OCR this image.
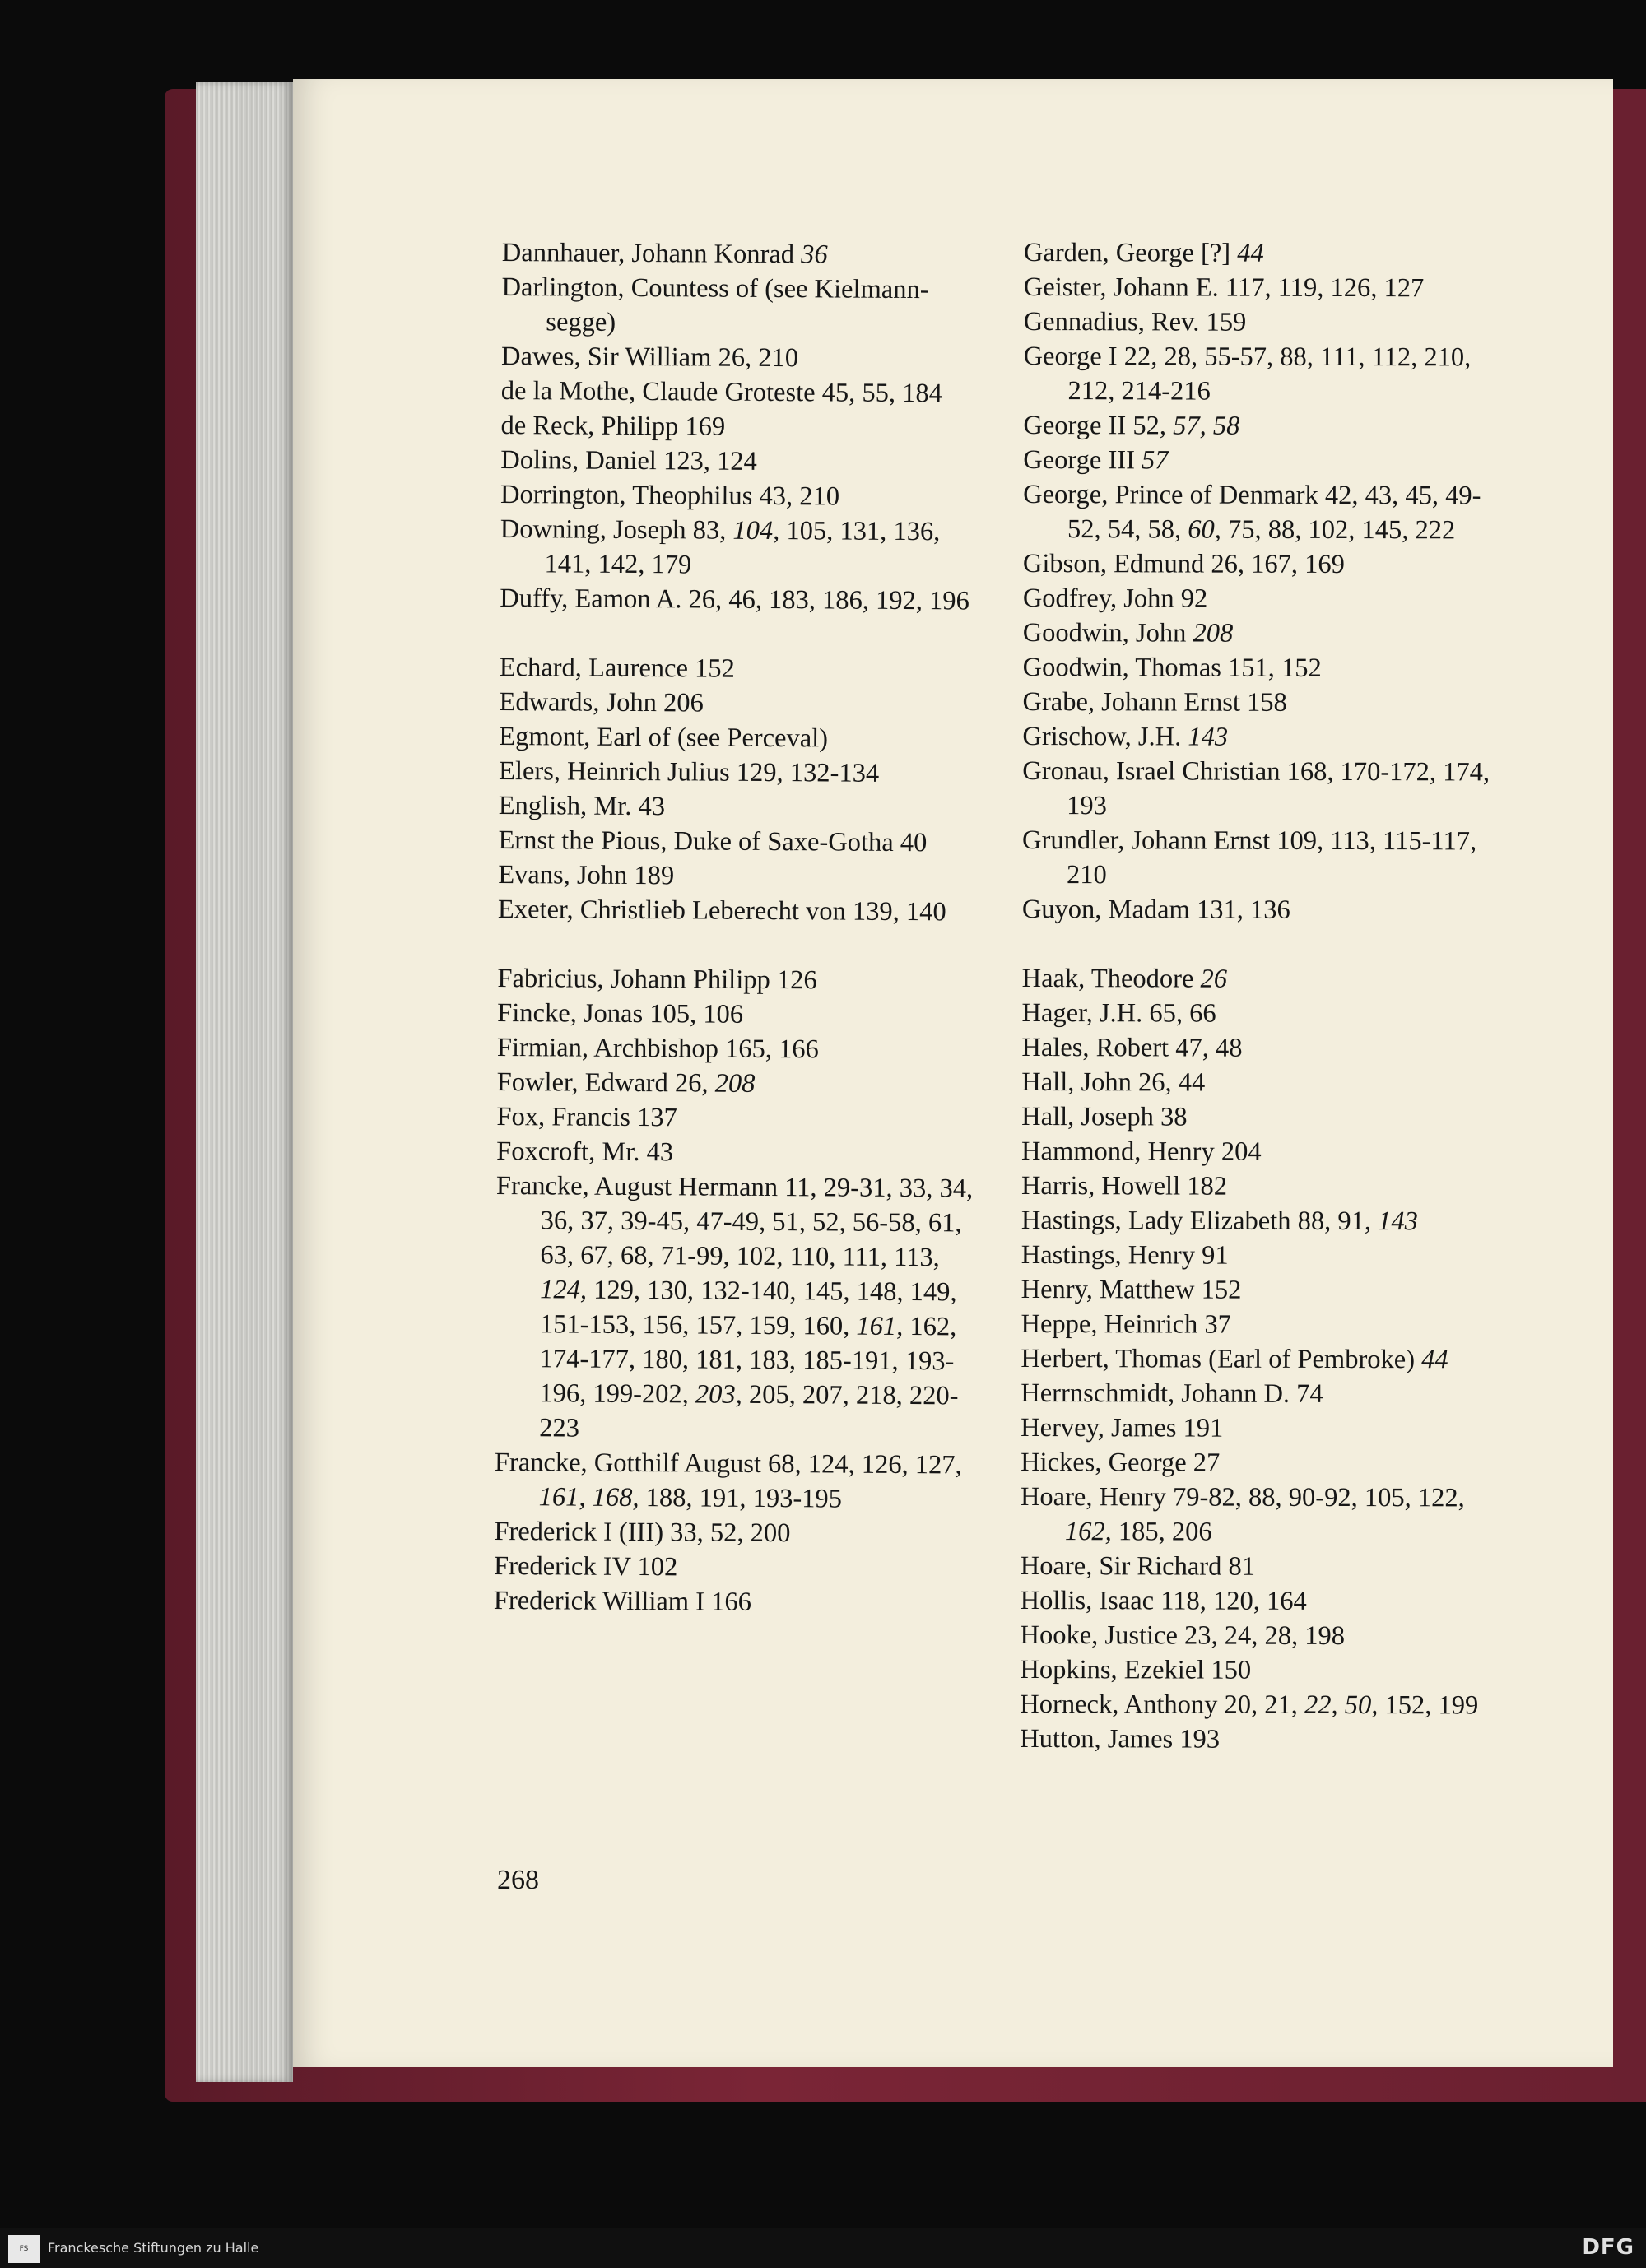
Dannhauer, Johann Konrad 36
Darlington, Countess of (see Kielmann-segge)
Dawes, Sir William 26, 210
de la Mothe, Claude Groteste 45, 55, 184
de Reck, Philipp 169
Dolins, Daniel 123, 124
Dorrington, Theophilus 43, 210
Downing, Joseph 83, 104, 105, 131, 136, 141, 142, 179
Duffy, Eamon A. 26, 46, 183, 186, 192, 196
Echard, Laurence 152
Edwards, John 206
Egmont, Earl of (see Perceval)
Elers, Heinrich Julius 129, 132-134
English, Mr. 43
Ernst the Pious, Duke of Saxe-Gotha 40
Evans, John 189
Exeter, Christlieb Leberecht von 139, 140
Fabricius, Johann Philipp 126
Fincke, Jonas 105, 106
Firmian, Archbishop 165, 166
Fowler, Edward 26, 208
Fox, Francis 137
Foxcroft, Mr. 43
Francke, August Hermann 11, 29-31, 33, 34, 36, 37, 39-45, 47-49, 51, 52, 56-58, 61, 63, 67, 68, 71-99, 102, 110, 111, 113, 124, 129, 130, 132-140, 145, 148, 149, 151-153, 156, 157, 159, 160, 161, 162, 174-177, 180, 181, 183, 185-191, 193-196, 199-202, 203, 205, 207, 218, 220-223
Francke, Gotthilf August 68, 124, 126, 127, 161, 168, 188, 191, 193-195
Frederick I (III) 33, 52, 200
Frederick IV 102
Frederick William I 166
Garden, George [?] 44
Geister, Johann E. 117, 119, 126, 127
Gennadius, Rev. 159
George I 22, 28, 55-57, 88, 111, 112, 210, 212, 214-216
George II 52, 57, 58
George III 57
George, Prince of Denmark 42, 43, 45, 49-52, 54, 58, 60, 75, 88, 102, 145, 222
Gibson, Edmund 26, 167, 169
Godfrey, John 92
Goodwin, John 208
Goodwin, Thomas 151, 152
Grabe, Johann Ernst 158
Grischow, J.H. 143
Gronau, Israel Christian 168, 170-172, 174, 193
Grundler, Johann Ernst 109, 113, 115-117, 210
Guyon, Madam 131, 136
Haak, Theodore 26
Hager, J.H. 65, 66
Hales, Robert 47, 48
Hall, John 26, 44
Hall, Joseph 38
Hammond, Henry 204
Harris, Howell 182
Hastings, Lady Elizabeth 88, 91, 143
Hastings, Henry 91
Henry, Matthew 152
Heppe, Heinrich 37
Herbert, Thomas (Earl of Pembroke) 44
Herrnschmidt, Johann D. 74
Hervey, James 191
Hickes, George 27
Hoare, Henry 79-82, 88, 90-92, 105, 122, 162, 185, 206
Hoare, Sir Richard 81
Hollis, Isaac 118, 120, 164
Hooke, Justice 23, 24, 28, 198
Hopkins, Ezekiel 150
Horneck, Anthony 20, 21, 22, 50, 152, 199
Hutton, James 193
268
FS	Franckesche Stiftungen zu Halle	DFG
